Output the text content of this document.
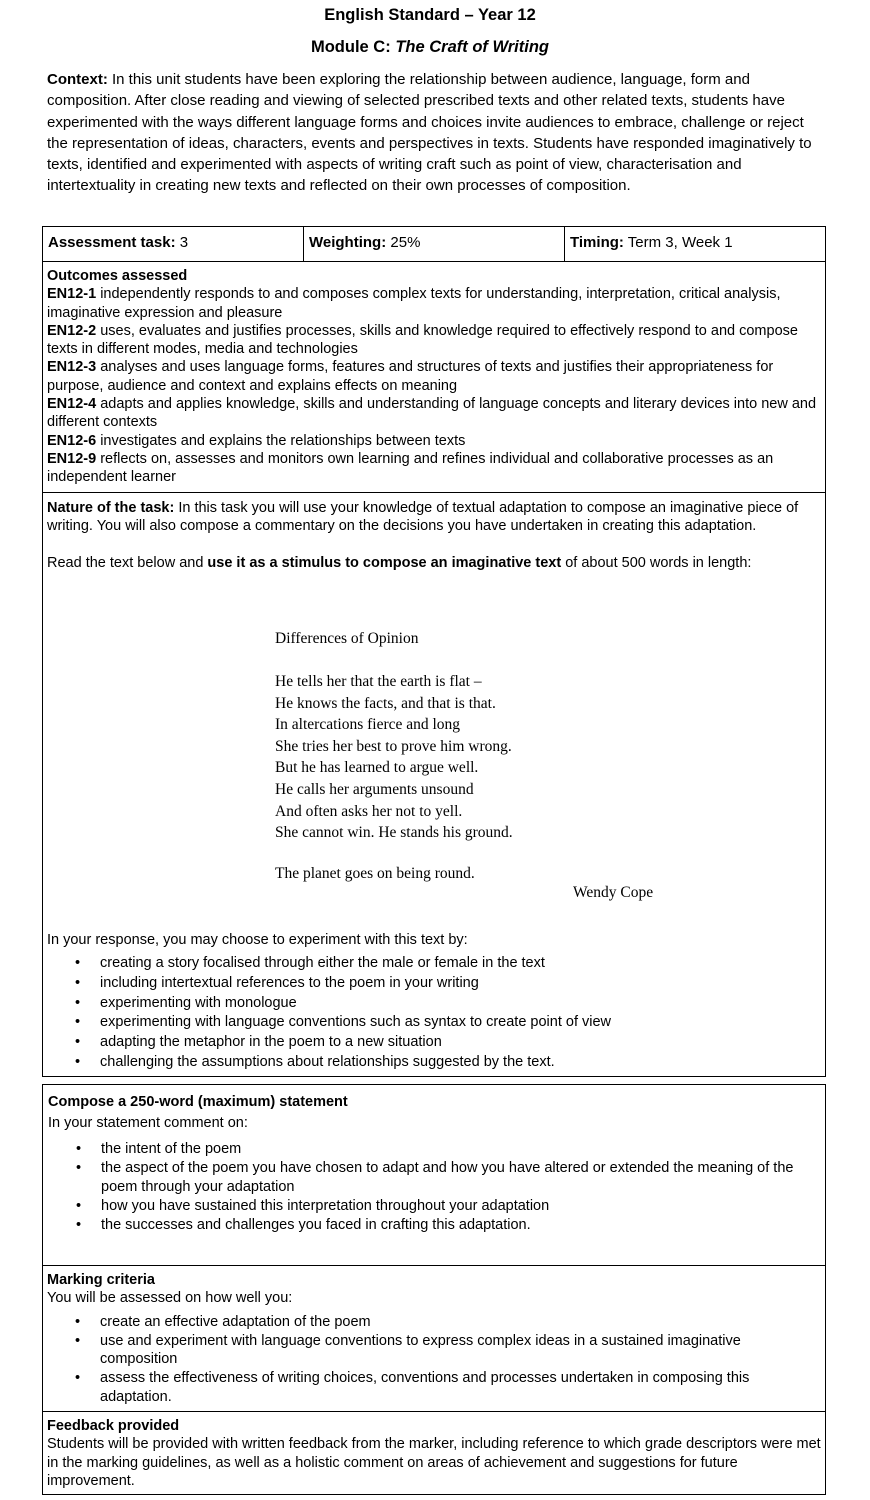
English Standard – Year 12
Module C: The Craft of Writing
Context: In this unit students have been exploring the relationship between audience, language, form and composition. After close reading and viewing of selected prescribed texts and other related texts, students have experimented with the ways different language forms and choices invite audiences to embrace, challenge or reject the representation of ideas, characters, events and perspectives in texts. Students have responded imaginatively to texts, identified and experimented with aspects of writing craft such as point of view, characterisation and intertextuality in creating new texts and reflected on their own processes of composition.
Assessment task: 3	Weighting: 25%	Timing: Term 3, Week 1
Outcomes assessed
EN12-1 independently responds to and composes complex texts for understanding, interpretation, critical analysis, imaginative expression and pleasure
EN12-2 uses, evaluates and justifies processes, skills and knowledge required to effectively respond to and compose texts in different modes, media and technologies
EN12-3 analyses and uses language forms, features and structures of texts and justifies their appropriateness for purpose, audience and context and explains effects on meaning
EN12-4 adapts and applies knowledge, skills and understanding of language concepts and literary devices into new and different contexts
EN12-6 investigates and explains the relationships between texts
EN12-9 reflects on, assesses and monitors own learning and refines individual and collaborative processes as an independent learner
Nature of the task: In this task you will use your knowledge of textual adaptation to compose an imaginative piece of writing. You will also compose a commentary on the decisions you have undertaken in creating this adaptation.
Read the text below and use it as a stimulus to compose an imaginative text of about 500 words in length:
Differences of Opinion
He tells her that the earth is flat –
He knows the facts, and that is that.
In altercations fierce and long
She tries her best to prove him wrong.
But he has learned to argue well.
He calls her arguments unsound
And often asks her not to yell.
She cannot win. He stands his ground.
The planet goes on being round.
Wendy Cope
In your response, you may choose to experiment with this text by:
• creating a story focalised through either the male or female in the text
• including intertextual references to the poem in your writing
• experimenting with monologue
• experimenting with language conventions such as syntax to create point of view
• adapting the metaphor in the poem to a new situation
• challenging the assumptions about relationships suggested by the text.
Compose a 250-word (maximum) statement
In your statement comment on:
• the intent of the poem
• the aspect of the poem you have chosen to adapt and how you have altered or extended the meaning of the poem through your adaptation
• how you have sustained this interpretation throughout your adaptation
• the successes and challenges you faced in crafting this adaptation.
Marking criteria
You will be assessed on how well you:
• create an effective adaptation of the poem
• use and experiment with language conventions to express complex ideas in a sustained imaginative composition
• assess the effectiveness of writing choices, conventions and processes undertaken in composing this adaptation.
Feedback provided
Students will be provided with written feedback from the marker, including reference to which grade descriptors were met in the marking guidelines, as well as a holistic comment on areas of achievement and suggestions for future improvement.
